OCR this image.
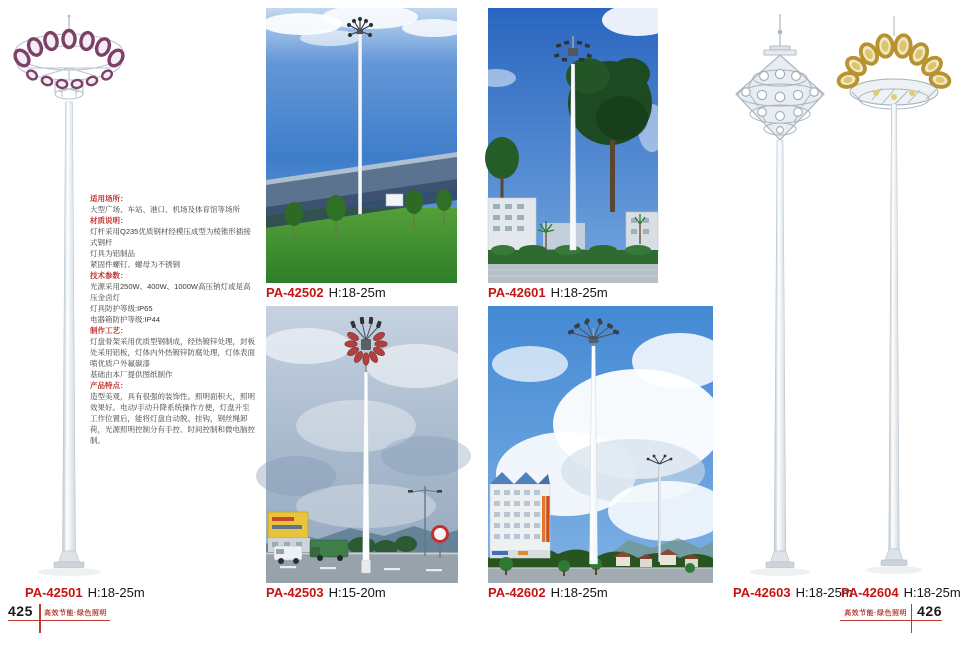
适用场所：
大型广场、车站、港口、机场及体育馆等场所
材质说明：
灯杆采用Q235优质钢材经模压成型为棱锥形插接式钢杆
灯具为铝制品
紧固件螺钉、螺母为不锈钢
技术参数：
光源采用250W、400W、1000W高压钠灯或是高压金卤灯
灯具防护等级:IP65
电器箱防护等级:IP44
制作工艺：
灯盘骨架采用优质型钢制成，经热镀锌处理，封板处采用铝板，灯体内外热镀锌防腐处理，灯体表面喷优质户外氟碳漆
基础由本厂提供图纸制作
产品特点：
造型美观，具有很强的装饰性。照明面积大，照明效果好。电动/手动升降系统操作方便，灯盘升至工作位置后，能将灯盘自动脱、挂钩，钢丝绳卸荷，光源照明控制分有手控、时间控制和微电脑控制。
PA-42502 H:18-25m	PA-42601 H:18-25m
PA-42501 H:18-25m	PA-42503 H:15-20m	PA-42602 H:18-25m	PA-42603 H:18-25m
PA-42604 H:18-25m
425 高效节能·绿色照明	高效节能·绿色照明 426
